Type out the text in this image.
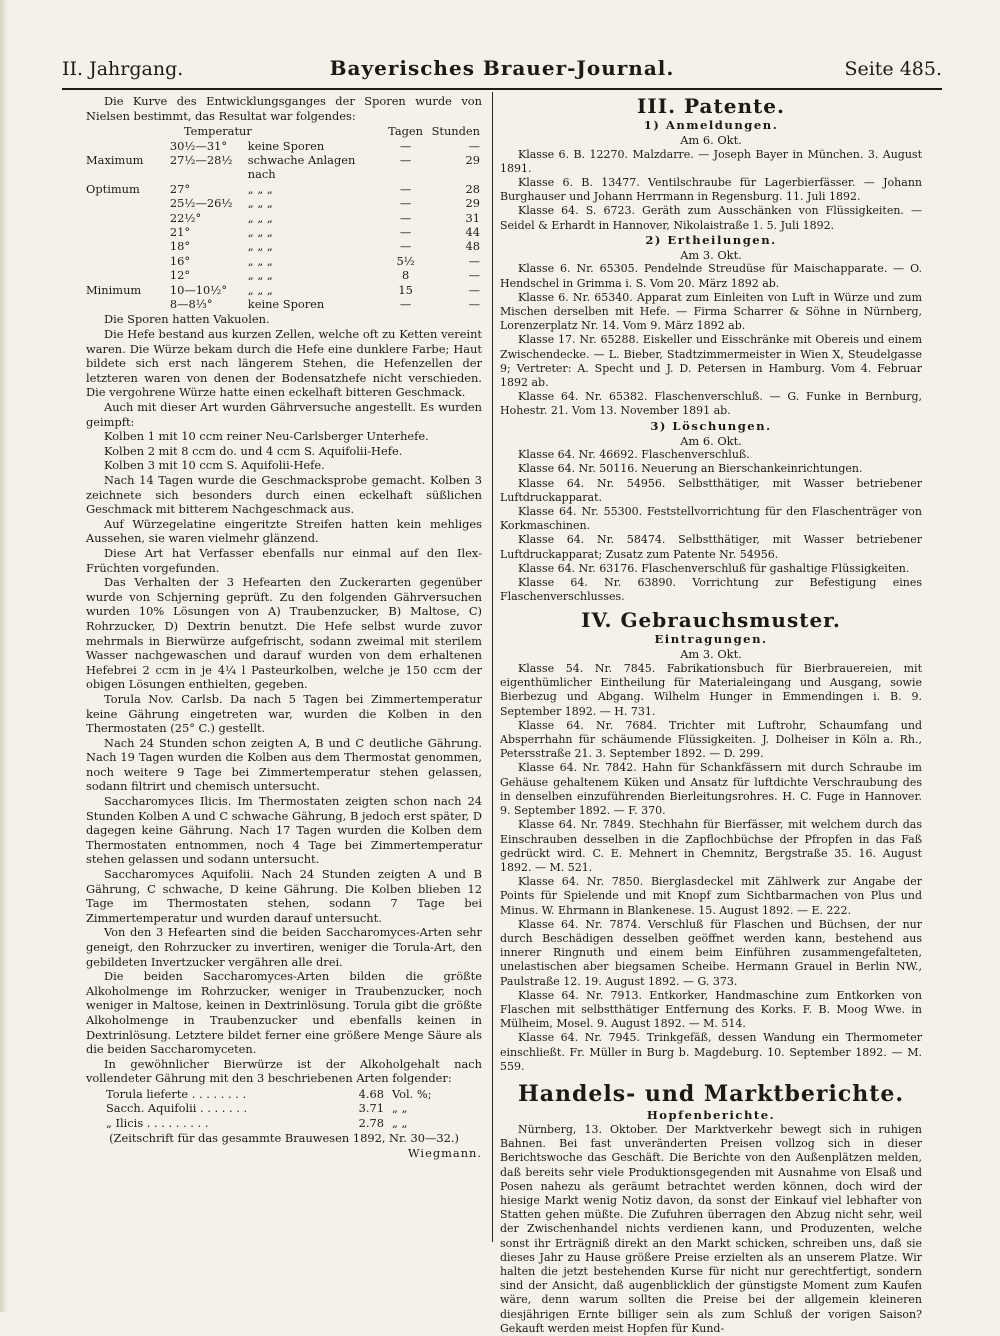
II. Jahrgang.	Bayerisches Brauer-Journal.	Seite 485.

Die Kurve des Entwicklungsganges der Sporen wurde von Nielsen bestimmt, das Resultat war folgendes:

	Temperatur		Tagen	Stunden
	30½—31°	keine Sporen	—	—
Maximum	27½—28½	schwache Anlagen nach	—	29
Optimum	27°	„ „ „	—	28
	25½—26½	„ „ „	—	29
	22½°	„ „ „	—	31
	21°	„ „ „	—	44
	18°	„ „ „	—	48
	16°	„ „ „	5½	—
	12°	„ „ „	8	—
Minimum	10—10½°	„ „ „	15	—
	8—8⅓°	keine Sporen	—	—

Die Sporen hatten Vakuolen.

Die Hefe bestand aus kurzen Zellen, welche oft zu Ketten vereint waren. Die Würze bekam durch die Hefe eine dunklere Farbe; Haut bildete sich erst nach längerem Stehen, die Hefenzellen der letzteren waren von denen der Bodensatzhefe nicht verschieden. Die vergohrene Würze hatte einen eckelhaft bitteren Geschmack.

Auch mit dieser Art wurden Gährversuche angestellt. Es wurden geimpft:

Kolben 1 mit 10 ccm reiner Neu-Carlsberger Unterhefe.

Kolben 2 mit 8 ccm do. und 4 ccm S. Aquifolii-Hefe.

Kolben 3 mit 10 ccm S. Aquifolii-Hefe.

Nach 14 Tagen wurde die Geschmacksprobe gemacht. Kolben 3 zeichnete sich besonders durch einen eckelhaft süßlichen Geschmack mit bitterem Nachgeschmack aus.

Auf Würzegelatine eingeritzte Streifen hatten kein mehliges Aussehen, sie waren vielmehr glänzend.

Diese Art hat Verfasser ebenfalls nur einmal auf den Ilex-Früchten vorgefunden.

Das Verhalten der 3 Hefearten den Zuckerarten gegenüber wurde von Schjerning geprüft. Zu den folgenden Gährversuchen wurden 10% Lösungen von A) Traubenzucker, B) Maltose, C) Rohrzucker, D) Dextrin benutzt. Die Hefe selbst wurde zuvor mehrmals in Bierwürze aufgefrischt, sodann zweimal mit sterilem Wasser nachgewaschen und darauf wurden von dem erhaltenen Hefebrei 2 ccm in je 4¼ l Pasteurkolben, welche je 150 ccm der obigen Lösungen enthielten, gegeben.

Torula Nov. Carlsb. Da nach 5 Tagen bei Zimmertemperatur keine Gährung eingetreten war, wurden die Kolben in den Thermostaten (25° C.) gestellt.

Nach 24 Stunden schon zeigten A, B und C deutliche Gährung. Nach 19 Tagen wurden die Kolben aus dem Thermostat genommen, noch weitere 9 Tage bei Zimmertemperatur stehen gelassen, sodann filtrirt und chemisch untersucht.

Saccharomyces Ilicis. Im Thermostaten zeigten schon nach 24 Stunden Kolben A und C schwache Gährung, B jedoch erst später, D dagegen keine Gährung. Nach 17 Tagen wurden die Kolben dem Thermostaten entnommen, noch 4 Tage bei Zimmertemperatur stehen gelassen und sodann untersucht.

Saccharomyces Aquifolii. Nach 24 Stunden zeigten A und B Gährung, C schwache, D keine Gährung. Die Kolben blieben 12 Tage im Thermostaten stehen, sodann 7 Tage bei Zimmertemperatur und wurden darauf untersucht.

Von den 3 Hefearten sind die beiden Saccharomyces-Arten sehr geneigt, den Rohrzucker zu invertiren, weniger die Torula-Art, den gebildeten Invertzucker vergähren alle drei.

Die beiden Saccharomyces-Arten bilden die größte Alkoholmenge im Rohrzucker, weniger in Traubenzucker, noch weniger in Maltose, keinen in Dextrinlösung. Torula gibt die größte Alkoholmenge in Traubenzucker und ebenfalls keinen in Dextrinlösung. Letztere bildet ferner eine größere Menge Säure als die beiden Saccharomyceten.

In gewöhnlicher Bierwürze ist der Alkoholgehalt nach vollendeter Gährung mit den 3 beschriebenen Arten folgender:

Torula lieferte . . . . . . . .	4.68	Vol. %;
Sacch. Aquifolii . . . . . . .	3.71	„ „
„ Ilicis . . . . . . . . .	2.78	„ „

(Zeitschrift für das gesammte Brauwesen 1892, Nr. 30—32.)

Wiegmann.

III. Patente.
1) Anmeldungen.

Am 6. Okt.

Klasse 6. B. 12270. Malzdarre. — Joseph Bayer in München. 3. August 1891.

Klasse 6. B. 13477. Ventilschraube für Lagerbierfässer. — Johann Burghauser und Johann Herrmann in Regensburg. 11. Juli 1892.

Klasse 64. S. 6723. Geräth zum Ausschänken von Flüssigkeiten. — Seidel & Erhardt in Hannover, Nikolaistraße 1. 5. Juli 1892.

2) Ertheilungen.

Am 3. Okt.

Klasse 6. Nr. 65305. Pendelnde Streudüse für Maischapparate. — O. Hendschel in Grimma i. S. Vom 20. März 1892 ab.

Klasse 6. Nr. 65340. Apparat zum Einleiten von Luft in Würze und zum Mischen derselben mit Hefe. — Firma Scharrer & Söhne in Nürnberg, Lorenzerplatz Nr. 14. Vom 9. März 1892 ab.

Klasse 17. Nr. 65288. Eiskeller und Eisschränke mit Obereis und einem Zwischendecke. — L. Bieber, Stadtzimmermeister in Wien X, Steudelgasse 9; Vertreter: A. Specht und J. D. Petersen in Hamburg. Vom 4. Februar 1892 ab.

Klasse 64. Nr. 65382. Flaschenverschluß. — G. Funke in Bernburg, Hohestr. 21. Vom 13. November 1891 ab.

3) Löschungen.

Am 6. Okt.

Klasse 64. Nr. 46692. Flaschenverschluß.

Klasse 64. Nr. 50116. Neuerung an Bierschankeinrichtungen.

Klasse 64. Nr. 54956. Selbstthätiger, mit Wasser betriebener Luftdruckapparat.

Klasse 64. Nr. 55300. Feststellvorrichtung für den Flaschenträger von Korkmaschinen.

Klasse 64. Nr. 58474. Selbstthätiger, mit Wasser betriebener Luftdruckapparat; Zusatz zum Patente Nr. 54956.

Klasse 64. Nr. 63176. Flaschenverschluß für gashaltige Flüssigkeiten.

Klasse 64. Nr. 63890. Vorrichtung zur Befestigung eines Flaschenverschlusses.

IV. Gebrauchsmuster.
Eintragungen.

Am 3. Okt.

Klasse 54. Nr. 7845. Fabrikationsbuch für Bierbrauereien, mit eigenthümlicher Eintheilung für Materialeingang und Ausgang, sowie Bierbezug und Abgang. Wilhelm Hunger in Emmendingen i. B. 9. September 1892. — H. 731.

Klasse 64. Nr. 7684. Trichter mit Luftrohr, Schaumfang und Absperrhahn für schäumende Flüssigkeiten. J. Dolheiser in Köln a. Rh., Petersstraße 21. 3. September 1892. — D. 299.

Klasse 64. Nr. 7842. Hahn für Schankfässern mit durch Schraube im Gehäuse gehaltenem Küken und Ansatz für luftdichte Verschraubung des in denselben einzuführenden Bierleitungsrohres. H. C. Fuge in Hannover. 9. September 1892. — F. 370.

Klasse 64. Nr. 7849. Stechhahn für Bierfässer, mit welchem durch das Einschrauben desselben in die Zapflochbüchse der Pfropfen in das Faß gedrückt wird. C. E. Mehnert in Chemnitz, Bergstraße 35. 16. August 1892. — M. 521.

Klasse 64. Nr. 7850. Bierglasdeckel mit Zählwerk zur Angabe der Points für Spielende und mit Knopf zum Sichtbarmachen von Plus und Minus. W. Ehrmann in Blankenese. 15. August 1892. — E. 222.

Klasse 64. Nr. 7874. Verschluß für Flaschen und Büchsen, der nur durch Beschädigen desselben geöffnet werden kann, bestehend aus innerer Ringnuth und einem beim Einführen zusammengefalteten, unelastischen aber biegsamen Scheibe. Hermann Grauel in Berlin NW., Paulstraße 12. 19. August 1892. — G. 373.

Klasse 64. Nr. 7913. Entkorker, Handmaschine zum Entkorken von Flaschen mit selbstthätiger Entfernung des Korks. F. B. Moog Wwe. in Mülheim, Mosel. 9. August 1892. — M. 514.

Klasse 64. Nr. 7945. Trinkgefäß, dessen Wandung ein Thermometer einschließt. Fr. Müller in Burg b. Magdeburg. 10. September 1892. — M. 559.

Handels- und Marktberichte.
Hopfenberichte.

Nürnberg, 13. Oktober. Der Marktverkehr bewegt sich in ruhigen Bahnen. Bei fast unveränderten Preisen vollzog sich in dieser Berichtswoche das Geschäft. Die Berichte von den Außenplätzen melden, daß bereits sehr viele Produktionsgegenden mit Ausnahme von Elsaß und Posen nahezu als geräumt betrachtet werden können, doch wird der hiesige Markt wenig Notiz davon, da sonst der Einkauf viel lebhafter von Statten gehen müßte. Die Zufuhren überragen den Abzug nicht sehr, weil der Zwischenhandel nichts verdienen kann, und Produzenten, welche sonst ihr Erträgniß direkt an den Markt schicken, schreiben uns, daß sie dieses Jahr zu Hause größere Preise erzielten als an unserem Platze. Wir halten die jetzt bestehenden Kurse für nicht nur gerechtfertigt, sondern sind der Ansicht, daß augenblicklich der günstigste Moment zum Kaufen wäre, denn warum sollten die Preise bei der allgemein kleineren diesjährigen Ernte billiger sein als zum Schluß der vorigen Saison? Gekauft werden meist Hopfen für Kund-
